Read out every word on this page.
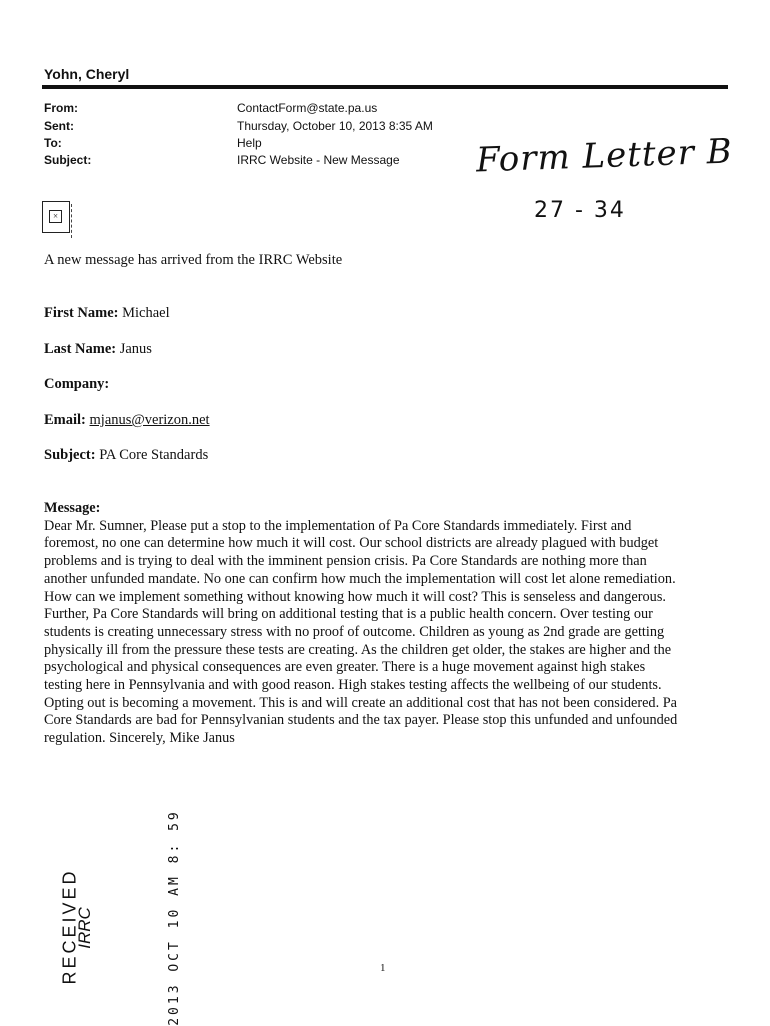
Yohn, Cheryl
From:	ContactForm@state.pa.us
Sent:	Thursday, October 10, 2013 8:35 AM
To:	Help
Subject:	IRRC Website - New Message Form Letter B
27 - 34
×
A new message has arrived from the IRRC Website
First Name: Michael
Last Name: Janus
Company:
Email: mjanus@verizon.net
Subject: PA Core Standards
Message:
Dear Mr. Sumner, Please put a stop to the implementation of Pa Core Standards immediately. First and
foremost, no one can determine how much it will cost. Our school districts are already plagued with budget
problems and is trying to deal with the imminent pension crisis. Pa Core Standards are nothing more than
another unfunded mandate. No one can confirm how much the implementation will cost let alone remediation.
How can we implement something without knowing how much it will cost? This is senseless and dangerous.
Further, Pa Core Standards will bring on additional testing that is a public health concern. Over testing our
students is creating unnecessary stress with no proof of outcome. Children as young as 2nd grade are getting
physically ill from the pressure these tests are creating. As the children get older, the stakes are higher and the
psychological and physical consequences are even greater. There is a huge movement against high stakes
testing here in Pennsylvania and with good reason. High stakes testing affects the wellbeing of our students.
Opting out is becoming a movement. This is and will create an additional cost that has not been considered. Pa
Core Standards are bad for Pennsylvanian students and the tax payer. Please stop this unfunded and unfounded
regulation. Sincerely, Mike Janus
RECEIVED
IRRC	2013 OCT 10 AM 8: 59	1
